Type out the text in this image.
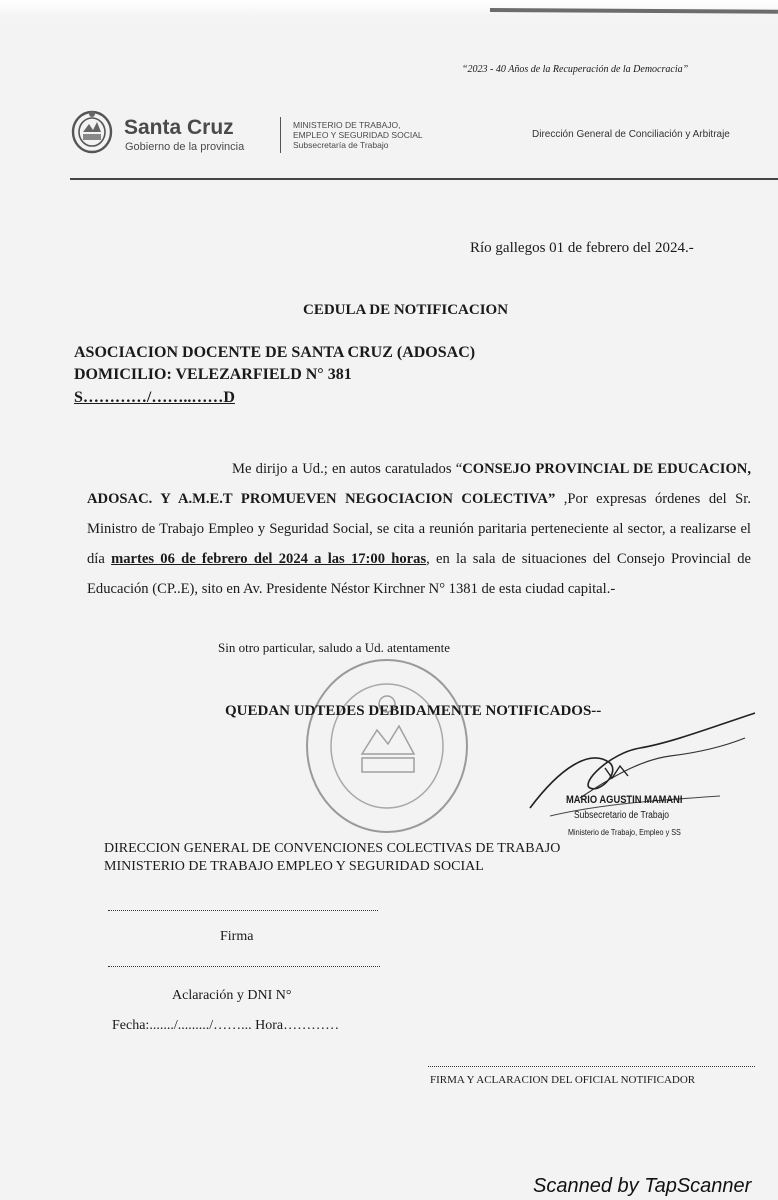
“2023 - 40 Años de la Recuperación de la Democracia”
Santa Cruz
Gobierno de la provincia
MINISTERIO DE TRABAJO,
EMPLEO Y SEGURIDAD SOCIAL
Subsecretaría de Trabajo
Dirección General de Conciliación y Arbitraje
Río gallegos 01 de febrero del 2024.-
CEDULA DE NOTIFICACION
ASOCIACION DOCENTE DE SANTA CRUZ (ADOSAC)
DOMICILIO: VELEZARFIELD N° 381
S…………/……..……D
Me dirijo a Ud.; en autos caratulados “CONSEJO PROVINCIAL DE EDUCACION, ADOSAC. Y A.M.E.T PROMUEVEN NEGOCIACION COLECTIVA” ,Por expresas órdenes del Sr. Ministro de Trabajo Empleo y Seguridad Social, se cita a reunión paritaria perteneciente al sector, a realizarse el día martes 06 de febrero del 2024 a las 17:00 horas, en la sala de situaciones del Consejo Provincial de Educación (CP..E), sito en Av. Presidente Néstor Kirchner N° 1381 de esta ciudad capital.-
Sin otro particular, saludo a Ud. atentamente
QUEDAN UDTEDES DEBIDAMENTE NOTIFICADOS--
MARIO AGUSTIN MAMANI
Subsecretario de Trabajo
Ministerio de Trabajo, Empleo y SS
DIRECCION GENERAL DE CONVENCIONES COLECTIVAS DE TRABAJO
MINISTERIO DE TRABAJO EMPLEO Y SEGURIDAD SOCIAL
Firma
Aclaración y DNI N°
Fecha:......./........./……... Hora…………
FIRMA Y ACLARACION DEL OFICIAL NOTIFICADOR
Scanned by TapScanner
